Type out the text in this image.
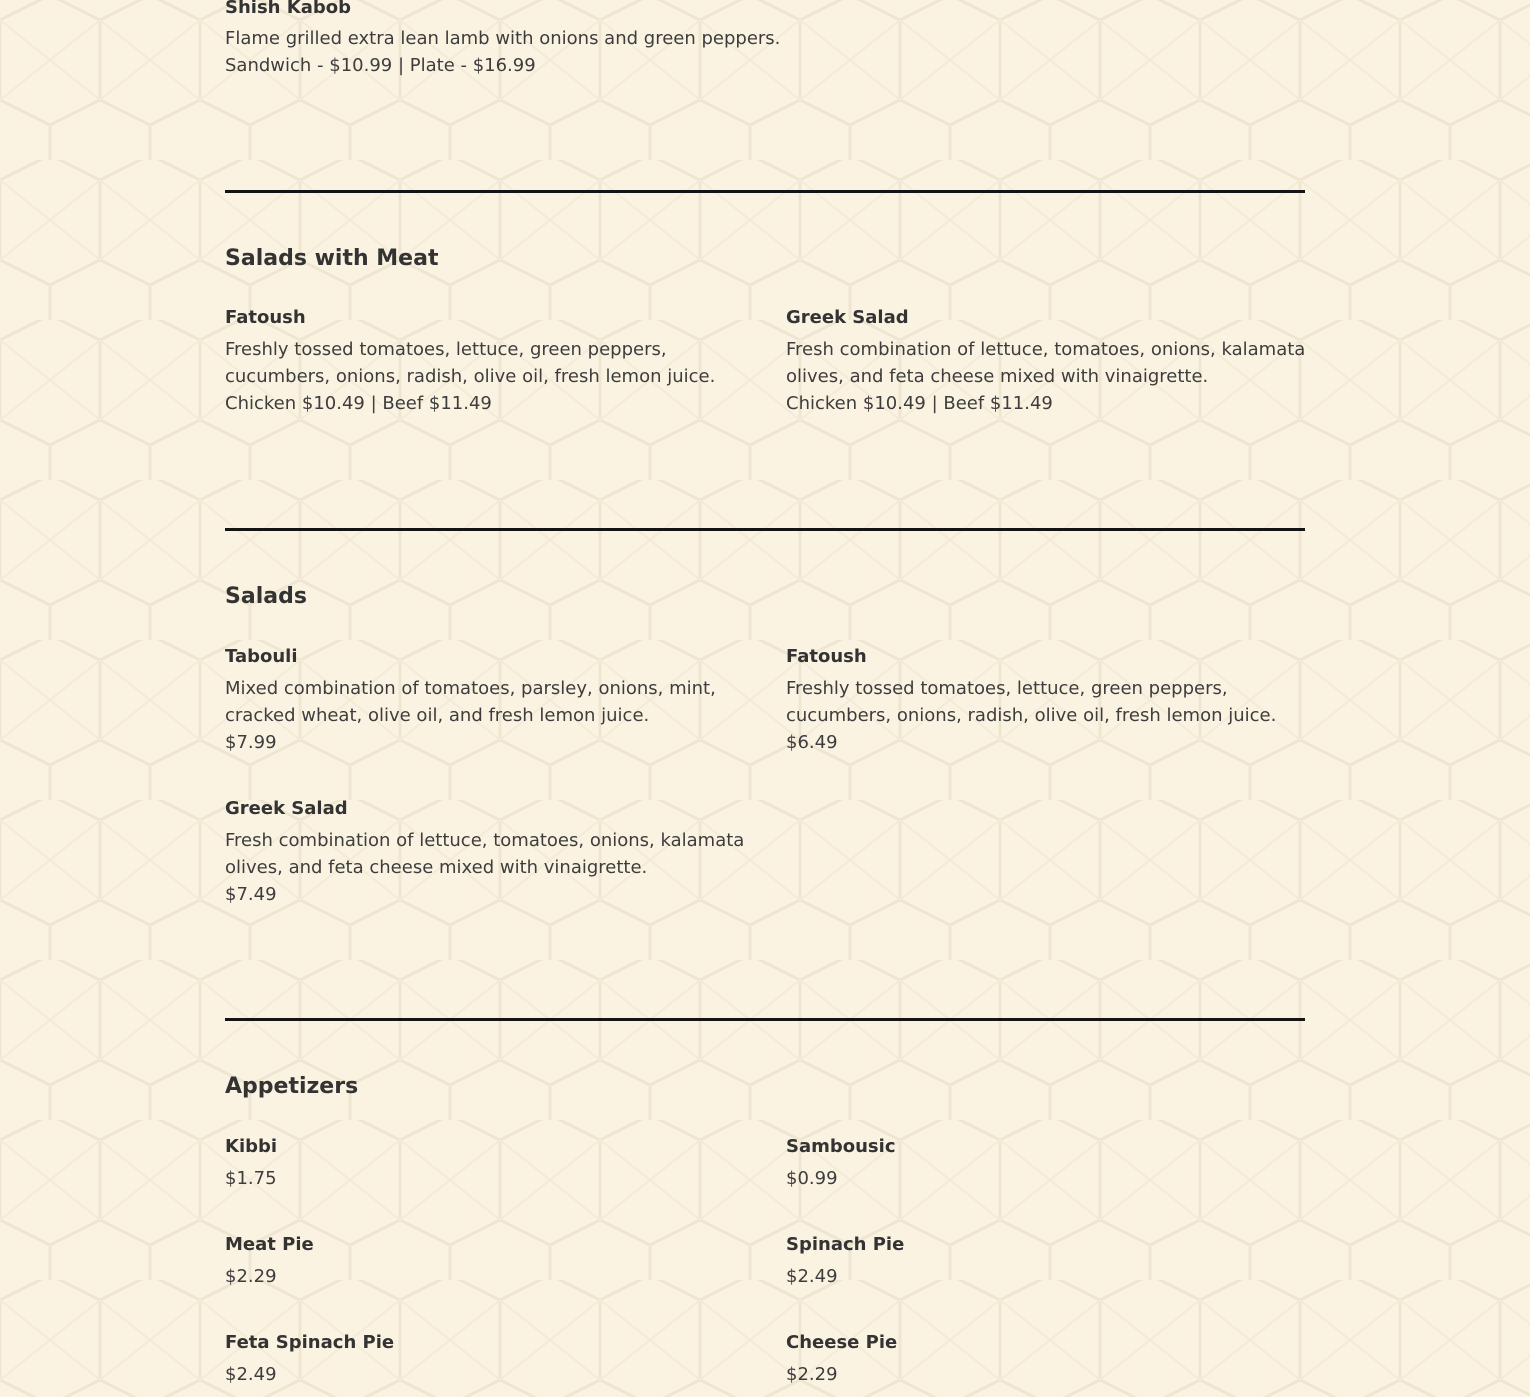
Shish Kabob
Flame grilled extra lean lamb with onions and green peppers.
Sandwich - $10.99 | Plate - $16.99
Salads with Meat
Fatoush
Freshly tossed tomatoes, lettuce, green peppers, cucumbers, onions, radish, olive oil, fresh lemon juice.
Chicken $10.49 | Beef $11.49
Greek Salad
Fresh combination of lettuce, tomatoes, onions, kalamata olives, and feta cheese mixed with vinaigrette.
Chicken $10.49 | Beef $11.49
Salads
Tabouli
Mixed combination of tomatoes, parsley, onions, mint, cracked wheat, olive oil, and fresh lemon juice.
$7.99
Fatoush
Freshly tossed tomatoes, lettuce, green peppers, cucumbers, onions, radish, olive oil, fresh lemon juice.
$6.49
Greek Salad
Fresh combination of lettuce, tomatoes, onions, kalamata olives, and feta cheese mixed with vinaigrette.
$7.49
Appetizers
Kibbi
$1.75
Sambousic
$0.99
Meat Pie
$2.29
Spinach Pie
$2.49
Feta Spinach Pie
$2.49
Cheese Pie
$2.29
